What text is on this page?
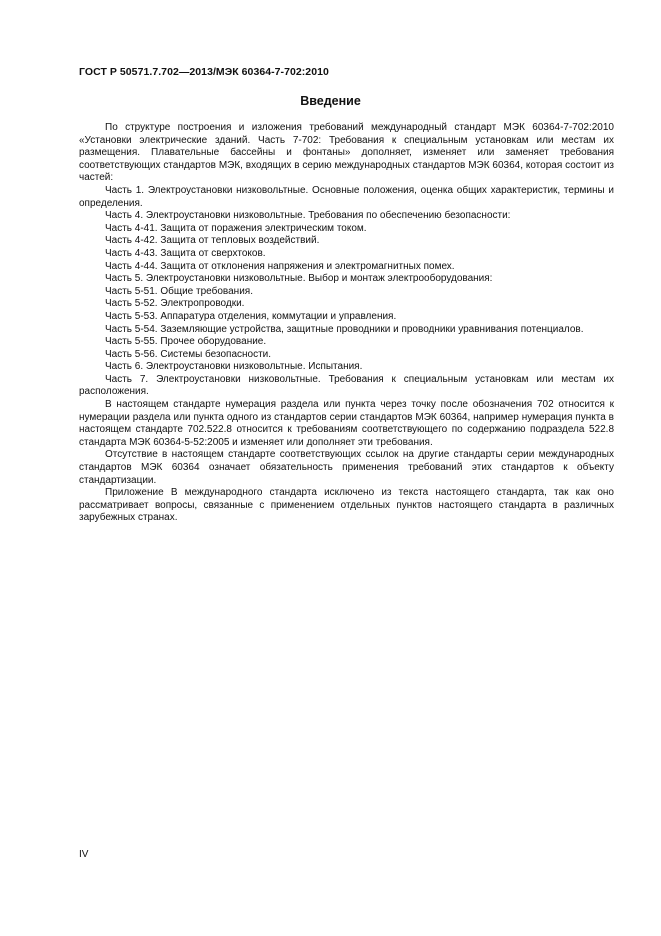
ГОСТ Р 50571.7.702—2013/МЭК 60364-7-702:2010
Введение

По структуре построения и изложения требований международный стандарт МЭК 60364-7-702:2010 «Установки электрические зданий. Часть 7-702: Требования к специальным установкам или местам их размещения. Плавательные бассейны и фонтаны» дополняет, изменяет или заменяет требования соответствующих стандартов МЭК, входящих в серию международных стандартов МЭК 60364, которая состоит из частей:

Часть 1. Электроустановки низковольтные. Основные положения, оценка общих характеристик, термины и определения.

Часть 4. Электроустановки низковольтные. Требования по обеспечению безопасности:

Часть 4-41. Защита от поражения электрическим током.

Часть 4-42. Защита от тепловых воздействий.

Часть 4-43. Защита от сверхтоков.

Часть 4-44. Защита от отклонения напряжения и электромагнитных помех.

Часть 5. Электроустановки низковольтные. Выбор и монтаж электрооборудования:

Часть 5-51. Общие требования.

Часть 5-52. Электропроводки.

Часть 5-53. Аппаратура отделения, коммутации и управления.

Часть 5-54. Заземляющие устройства, защитные проводники и проводники уравнивания потенциалов.

Часть 5-55. Прочее оборудование.

Часть 5-56. Системы безопасности.

Часть 6. Электроустановки низковольтные. Испытания.

Часть 7. Электроустановки низковольтные. Требования к специальным установкам или местам их расположения.

В настоящем стандарте нумерация раздела или пункта через точку после обозначения 702 относится к нумерации раздела или пункта одного из стандартов серии стандартов МЭК 60364, например нумерация пункта в настоящем стандарте 702.522.8 относится к требованиям соответствующего по содержанию подраздела 522.8 стандарта МЭК 60364-5-52:2005 и изменяет или дополняет эти требования.

Отсутствие в настоящем стандарте соответствующих ссылок на другие стандарты серии международных стандартов МЭК 60364 означает обязательность применения требований этих стандартов к объекту стандартизации.

Приложение В международного стандарта исключено из текста настоящего стандарта, так как оно рассматривает вопросы, связанные с применением отдельных пунктов настоящего стандарта в различных зарубежных странах.

IV
